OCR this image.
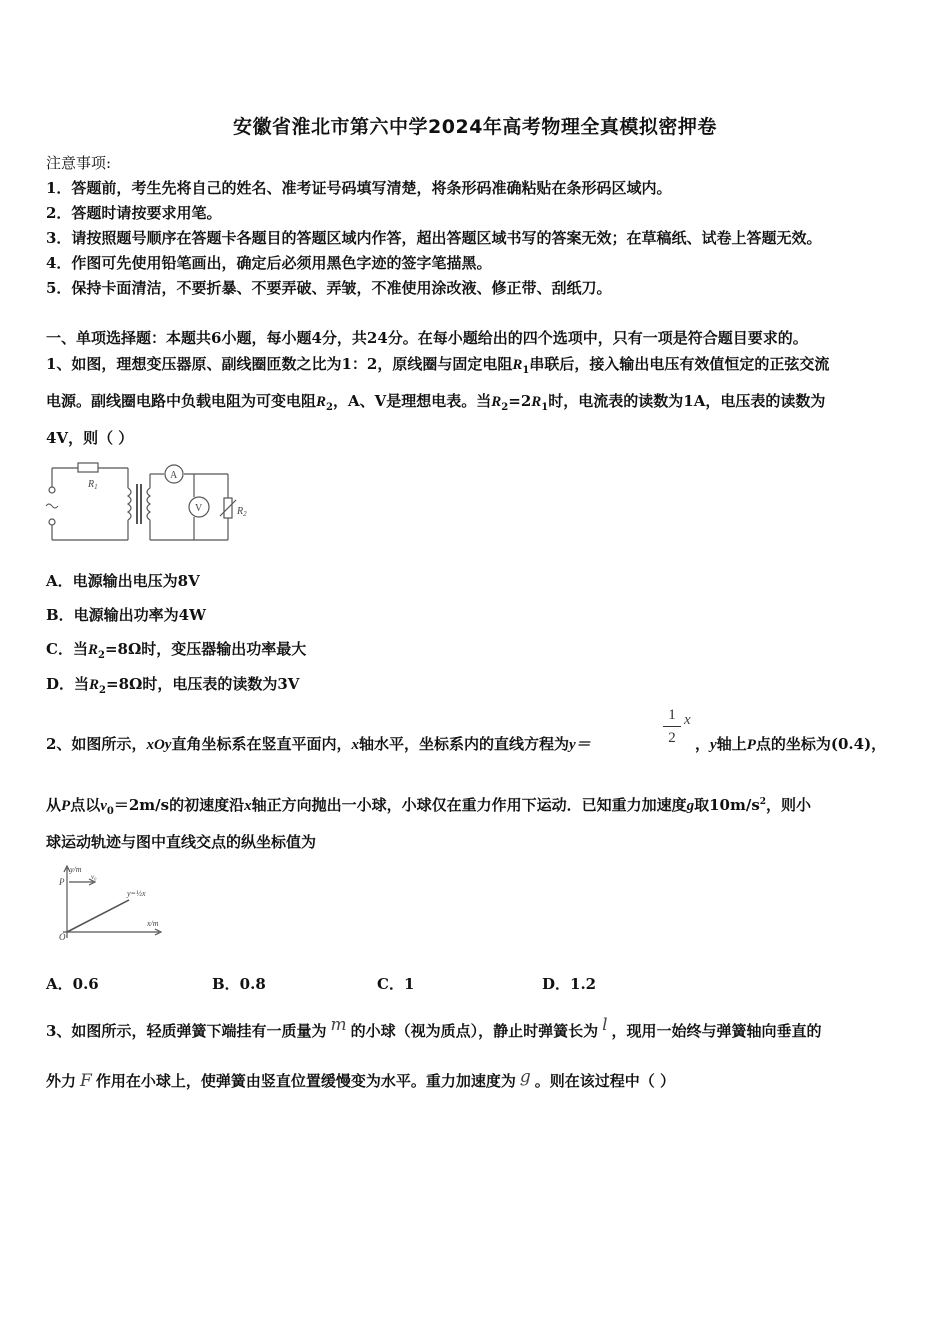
安徽省淮北市第六中学2024年高考物理全真模拟密押卷
注意事项:
1．答题前，考生先将自己的姓名、准考证号码填写清楚，将条形码准确粘贴在条形码区域内。
2．答题时请按要求用笔。
3．请按照题号顺序在答题卡各题目的答题区域内作答，超出答题区域书写的答案无效；在草稿纸、试卷上答题无效。
4．作图可先使用铅笔画出，确定后必须用黑色字迹的签字笔描黑。
5．保持卡面清洁，不要折暴、不要弄破、弄皱，不准使用涂改液、修正带、刮纸刀。
一、单项选择题：本题共6小题，每小题4分，共24分。在每小题给出的四个选项中，只有一项是符合题目要求的。
1、如图，理想变压器原、副线圈匝数之比为1：2，原线圈与固定电阻$R_1$串联后，接入输出电压有效值恒定的正弦交流
电源。副线圈电路中负载电阻为可变电阻$R_2$，A、V是理想电表。当$R_2=2R_1$时，电流表的读数为1A，电压表的读数为
4V，则（ ）
$R_1$
A
V	$R_2$
A．电源输出电压为8V
B．电源输出功率为4W
C．当$R_2=8\Omega$时，变压器输出功率最大
D．当$R_2=8\Omega$时，电压表的读数为3V
2、如图所示，xOy直角坐标系在竖直平面内，x轴水平，坐标系内的直线方程为y＝
1
2
x
，y轴上P点的坐标为(0.4)，
从P点以$v_0=2m/s$的初速度沿x轴正方向抛出一小球，小球仅在重力作用下运动．已知重力加速度g取$10m/s^2$，则小
球运动轨迹与图中直线交点的纵坐标值为
y/m
x/m
P
O
v₀
y=½x
A．0.6	B．0.8	C．1	D．1.2
3、如图所示，轻质弹簧下端挂有一质量为 m 的小球（视为质点），静止时弹簧长为 l ，现用一始终与弹簧轴向垂直的
外力 F 作用在小球上，使弹簧由竖直位置缓慢变为水平。重力加速度为 g 。则在该过程中（ ）
